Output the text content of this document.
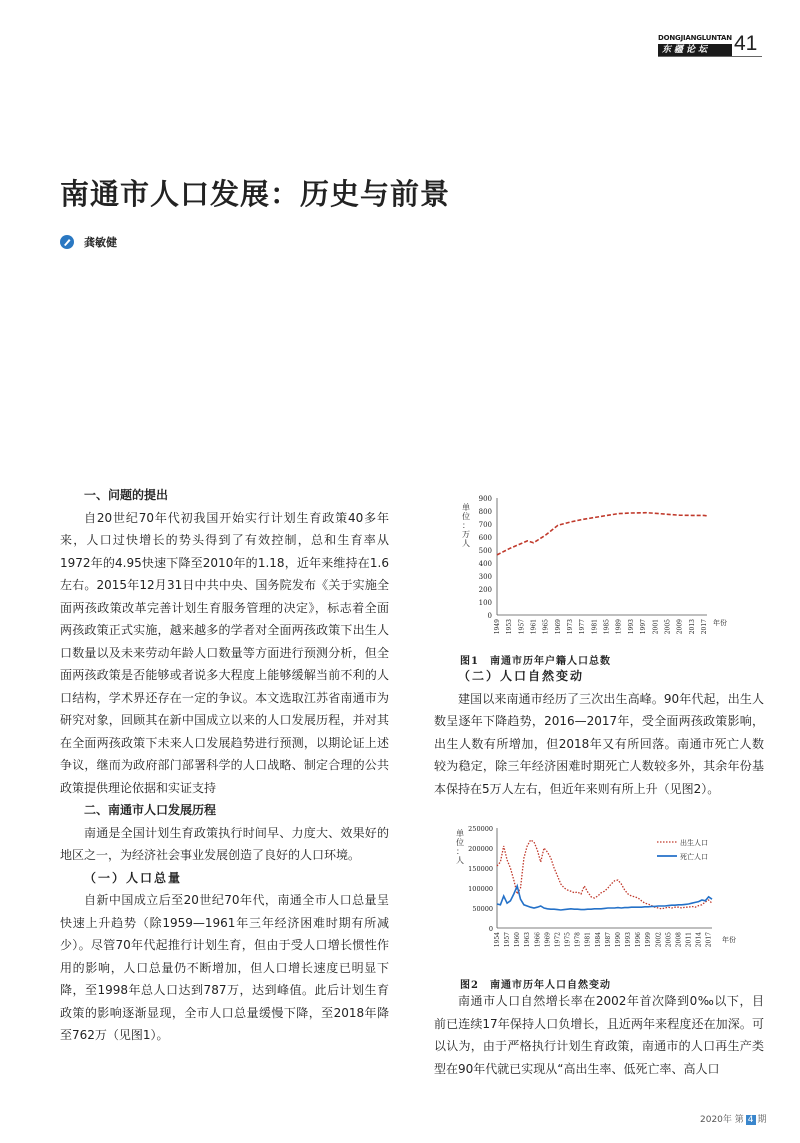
DONGJIANGLUNTAN
东疆论坛	41
南通市人口发展：历史与前景
龚敏健
一、问题的提出
自20世纪70年代初我国开始实行计划生育政策40多年来，人口过快增长的势头得到了有效控制，总和生育率从1972年的4.95快速下降至2010年的1.18，近年来维持在1.6左右。2015年12月31日中共中央、国务院发布《关于实施全面两孩政策改革完善计划生育服务管理的决定》，标志着全面两孩政策正式实施，越来越多的学者对全面两孩政策下出生人口数量以及未来劳动年龄人口数量等方面进行预测分析，但全面两孩政策是否能够或者说多大程度上能够缓解当前不利的人口结构，学术界还存在一定的争议。本文选取江苏省南通市为研究对象，回顾其在新中国成立以来的人口发展历程，并对其在全面两孩政策下未来人口发展趋势进行预测，以期论证上述争议，继而为政府部门部署科学的人口战略、制定合理的公共政策提供理论依据和实证支持
二、南通市人口发展历程
南通是全国计划生育政策执行时间早、力度大、效果好的地区之一，为经济社会事业发展创造了良好的人口环境。
（一）人口总量
自新中国成立后至20世纪70年代，南通全市人口总量呈快速上升趋势（除1959—1961年三年经济困难时期有所减少）。尽管70年代起推行计划生育，但由于受人口增长惯性作用的影响，人口总量仍不断增加，但人口增长速度已明显下降，至1998年总人口达到787万，达到峰值。此后计划生育政策的影响逐渐显现，全市人口总量缓慢下降，至2018年降至762万（见图1）。
0
100
200
300
400
500
600
700
800
900
1949 1953 1957 1961 1965 1969 1973 1977 1981 1985 1989 1993 1997 2001 2005 2009 2013 2017
单
位
：
万
人
年份
图1　南通市历年户籍人口总数
（二）人口自然变动
建国以来南通市经历了三次出生高峰。90年代起，出生人数呈逐年下降趋势，2016—2017年，受全面两孩政策影响，出生人数有所增加，但2018年又有所回落。南通市死亡人数较为稳定，除三年经济困难时期死亡人数较多外，其余年份基本保持在5万人左右，但近年来则有所上升（见图2）。
0
50000
100000
150000
200000
250000
1954 1957 1960 1963 1966 1969 1972 1975 1978 1981 1984 1987 1990 1993 1996 1999 2002 2005 2008 2011 2014 2017
单
位
：
人
年份
出生人口
死亡人口
图2　南通市历年人口自然变动
南通市人口自然增长率在2002年首次降到0‰以下，目前已连续17年保持人口负增长，且近两年来程度还在加深。可以认为，由于严格执行计划生育政策，南通市的人口再生产类型在90年代就已实现从“高出生率、低死亡率、高人口
2020年 第 4 期
